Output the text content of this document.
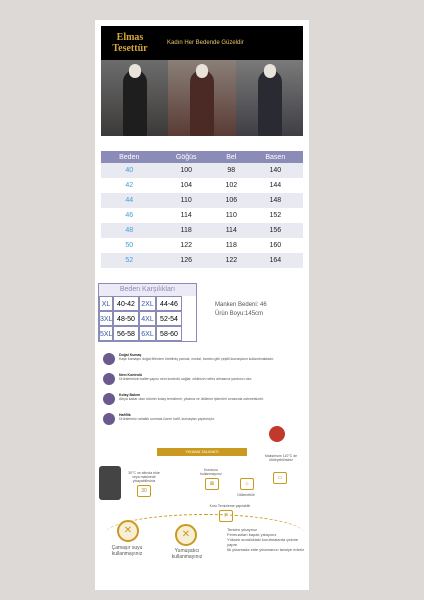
Elmas
Tesettür	Kadın Her Bedende Güzeldir
Beden	Göğüs	Bel	Basen
40	100	98	140
42	104	102	144
44	110	106	148
46	114	110	152
48	118	114	156
50	122	118	160
52	126	122	164
Beden Karşılıkları
XL 40-42 2XL 44-46
3XL 48-50 4XL 52-54
5XL 56-58 6XL 58-60
Manken Bedeni: 46
Ürün Boyu:145cm
Doğal Kumaş
Kaşe kumaşın doğal liflerden üretilmiş pamuk, modal, bambu gibi çeşitli kumaşların kullanılmaktadır.
Nem Kontrolü
Ürünlerimizin kalite yapısı nem kontrolü sağlar, cildinizin nefes almasına yardımcı olur.
Kolay Bakım
Altıya kadar olan ürünler kolay temizlenir, yıkama ve ütüleme işlemleri sırasında zahmetsizdir.
Hafiflik
Ürünlerimiz rahatlık sunmak üzere hafif, kumaşları yapılmıştır.
YIKAMA TALİMATI
30°C ve altında elde veya makinede yıkayabilirsiniz
30
Kurutucu kullanmayınız
⊠	♨
Ütülenebilir
Maksimum 110°C de ütüleyebilirsiniz
▭
Kuru Temizleme yapılabilir
P
✕
Çamaşır suyu kullanmayınız
✕
Yumuşatıcı kullanmayınız
Tersten yıkayınız
Fermuarları kapalı yıkayınız
Yüksek sıcaklıktaki kurutmalarda çekme yapar
İlk yıkamada elde yıkamanızı tavsiye ederiz
